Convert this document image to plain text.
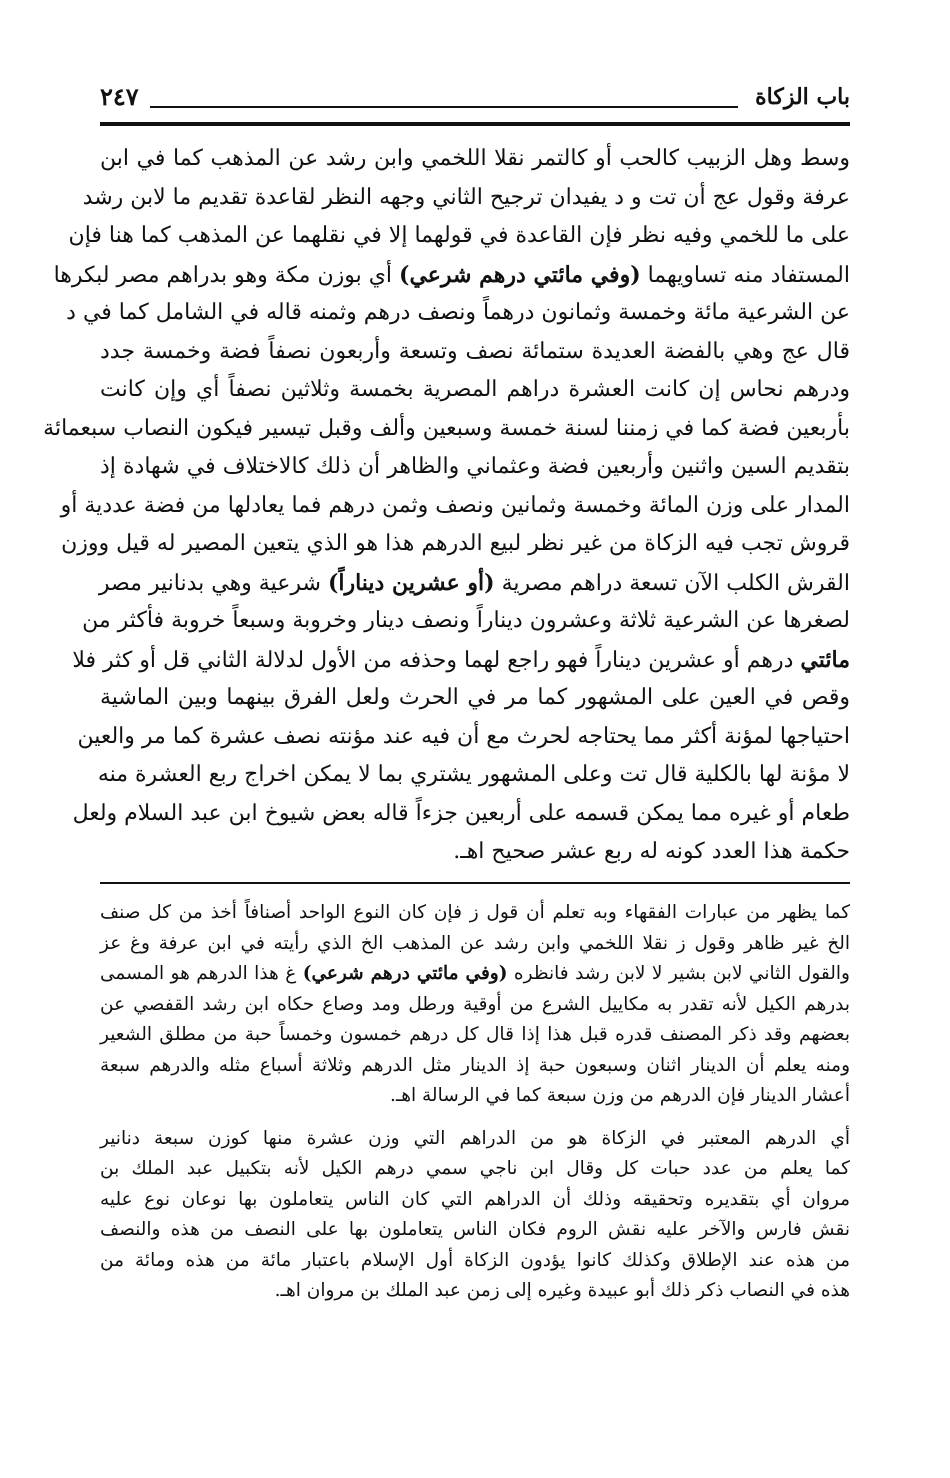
باب الزكاة
٢٤٧
وسط وهل الزبيب كالحب أو كالتمر نقلا اللخمي وابن رشد عن المذهب كما في ابن
عرفة وقول عج أن تت و د يفيدان ترجيح الثاني وجهه النظر لقاعدة تقديم ما لابن رشد
على ما للخمي وفيه نظر فإن القاعدة في قولهما إلا في نقلهما عن المذهب كما هنا فإن
المستفاد منه تساويهما (وفي مائتي درهم شرعي) أي بوزن مكة وهو بدراهم مصر لبكرها
عن الشرعية مائة وخمسة وثمانون درهماً ونصف درهم وثمنه قاله في الشامل كما في د
قال عج وهي بالفضة العديدة ستمائة نصف وتسعة وأربعون نصفاً فضة وخمسة جدد
ودرهم نحاس إن كانت العشرة دراهم المصرية بخمسة وثلاثين نصفاً أي وإن كانت
بأربعين فضة كما في زمننا لسنة خمسة وسبعين وألف وقبل تيسير فيكون النصاب سبعمائة
بتقديم السين واثنين وأربعين فضة وعثماني والظاهر أن ذلك كالاختلاف في شهادة إذ
المدار على وزن المائة وخمسة وثمانين ونصف وثمن درهم فما يعادلها من فضة عددية أو
قروش تجب فيه الزكاة من غير نظر لبيع الدرهم هذا هو الذي يتعين المصير له قيل ووزن
القرش الكلب الآن تسعة دراهم مصرية (أو عشرين ديناراً) شرعية وهي بدنانير مصر
لصغرها عن الشرعية ثلاثة وعشرون ديناراً ونصف دينار وخروبة وسبعاً خروبة فأكثر من
مائتي درهم أو عشرين ديناراً فهو راجع لهما وحذفه من الأول لدلالة الثاني قل أو كثر فلا
وقص في العين على المشهور كما مر في الحرث ولعل الفرق بينهما وبين الماشية
احتياجها لمؤنة أكثر مما يحتاجه لحرث مع أن فيه عند مؤنته نصف عشرة كما مر والعين
لا مؤنة لها بالكلية قال تت وعلى المشهور يشتري بما لا يمكن اخراج ربع العشرة منه
طعام أو غيره مما يمكن قسمه على أربعين جزءاً قاله بعض شيوخ ابن عبد السلام ولعل
حكمة هذا العدد كونه له ربع عشر صحيح اهـ.
كما يظهر من عبارات الفقهاء وبه تعلم أن قول ز فإن كان النوع الواحد أصنافاً أخذ من كل صنف
الخ غير ظاهر وقول ز نقلا اللخمي وابن رشد عن المذهب الخ الذي رأيته في ابن عرفة وغ عز
والقول الثاني لابن بشير لا لابن رشد فانظره (وفي مائتي درهم شرعي) غ هذا الدرهم هو المسمى
بدرهم الكيل لأنه تقدر به مكاييل الشرع من أوقية ورطل ومد وصاع حكاه ابن رشد القفصي عن
بعضهم وقد ذكر المصنف قدره قبل هذا إذا قال كل درهم خمسون وخمساً حبة من مطلق الشعير
ومنه يعلم أن الدينار اثنان وسبعون حبة إذ الدينار مثل الدرهم وثلاثة أسباع مثله والدرهم سبعة
أعشار الدينار فإن الدرهم من وزن سبعة كما في الرسالة اهـ.
أي الدرهم المعتبر في الزكاة هو من الدراهم التي وزن عشرة منها كوزن سبعة دنانير
كما يعلم من عدد حبات كل وقال ابن ناجي سمي درهم الكيل لأنه بتكبيل عبد الملك بن
مروان أي بتقديره وتحقيقه وذلك أن الدراهم التي كان الناس يتعاملون بها نوعان نوع عليه
نقش فارس والآخر عليه نقش الروم فكان الناس يتعاملون بها على النصف من هذه والنصف
من هذه عند الإطلاق وكذلك كانوا يؤدون الزكاة أول الإسلام باعتبار مائة من هذه ومائة من
هذه في النصاب ذكر ذلك أبو عبيدة وغيره إلى زمن عبد الملك بن مروان اهـ.
